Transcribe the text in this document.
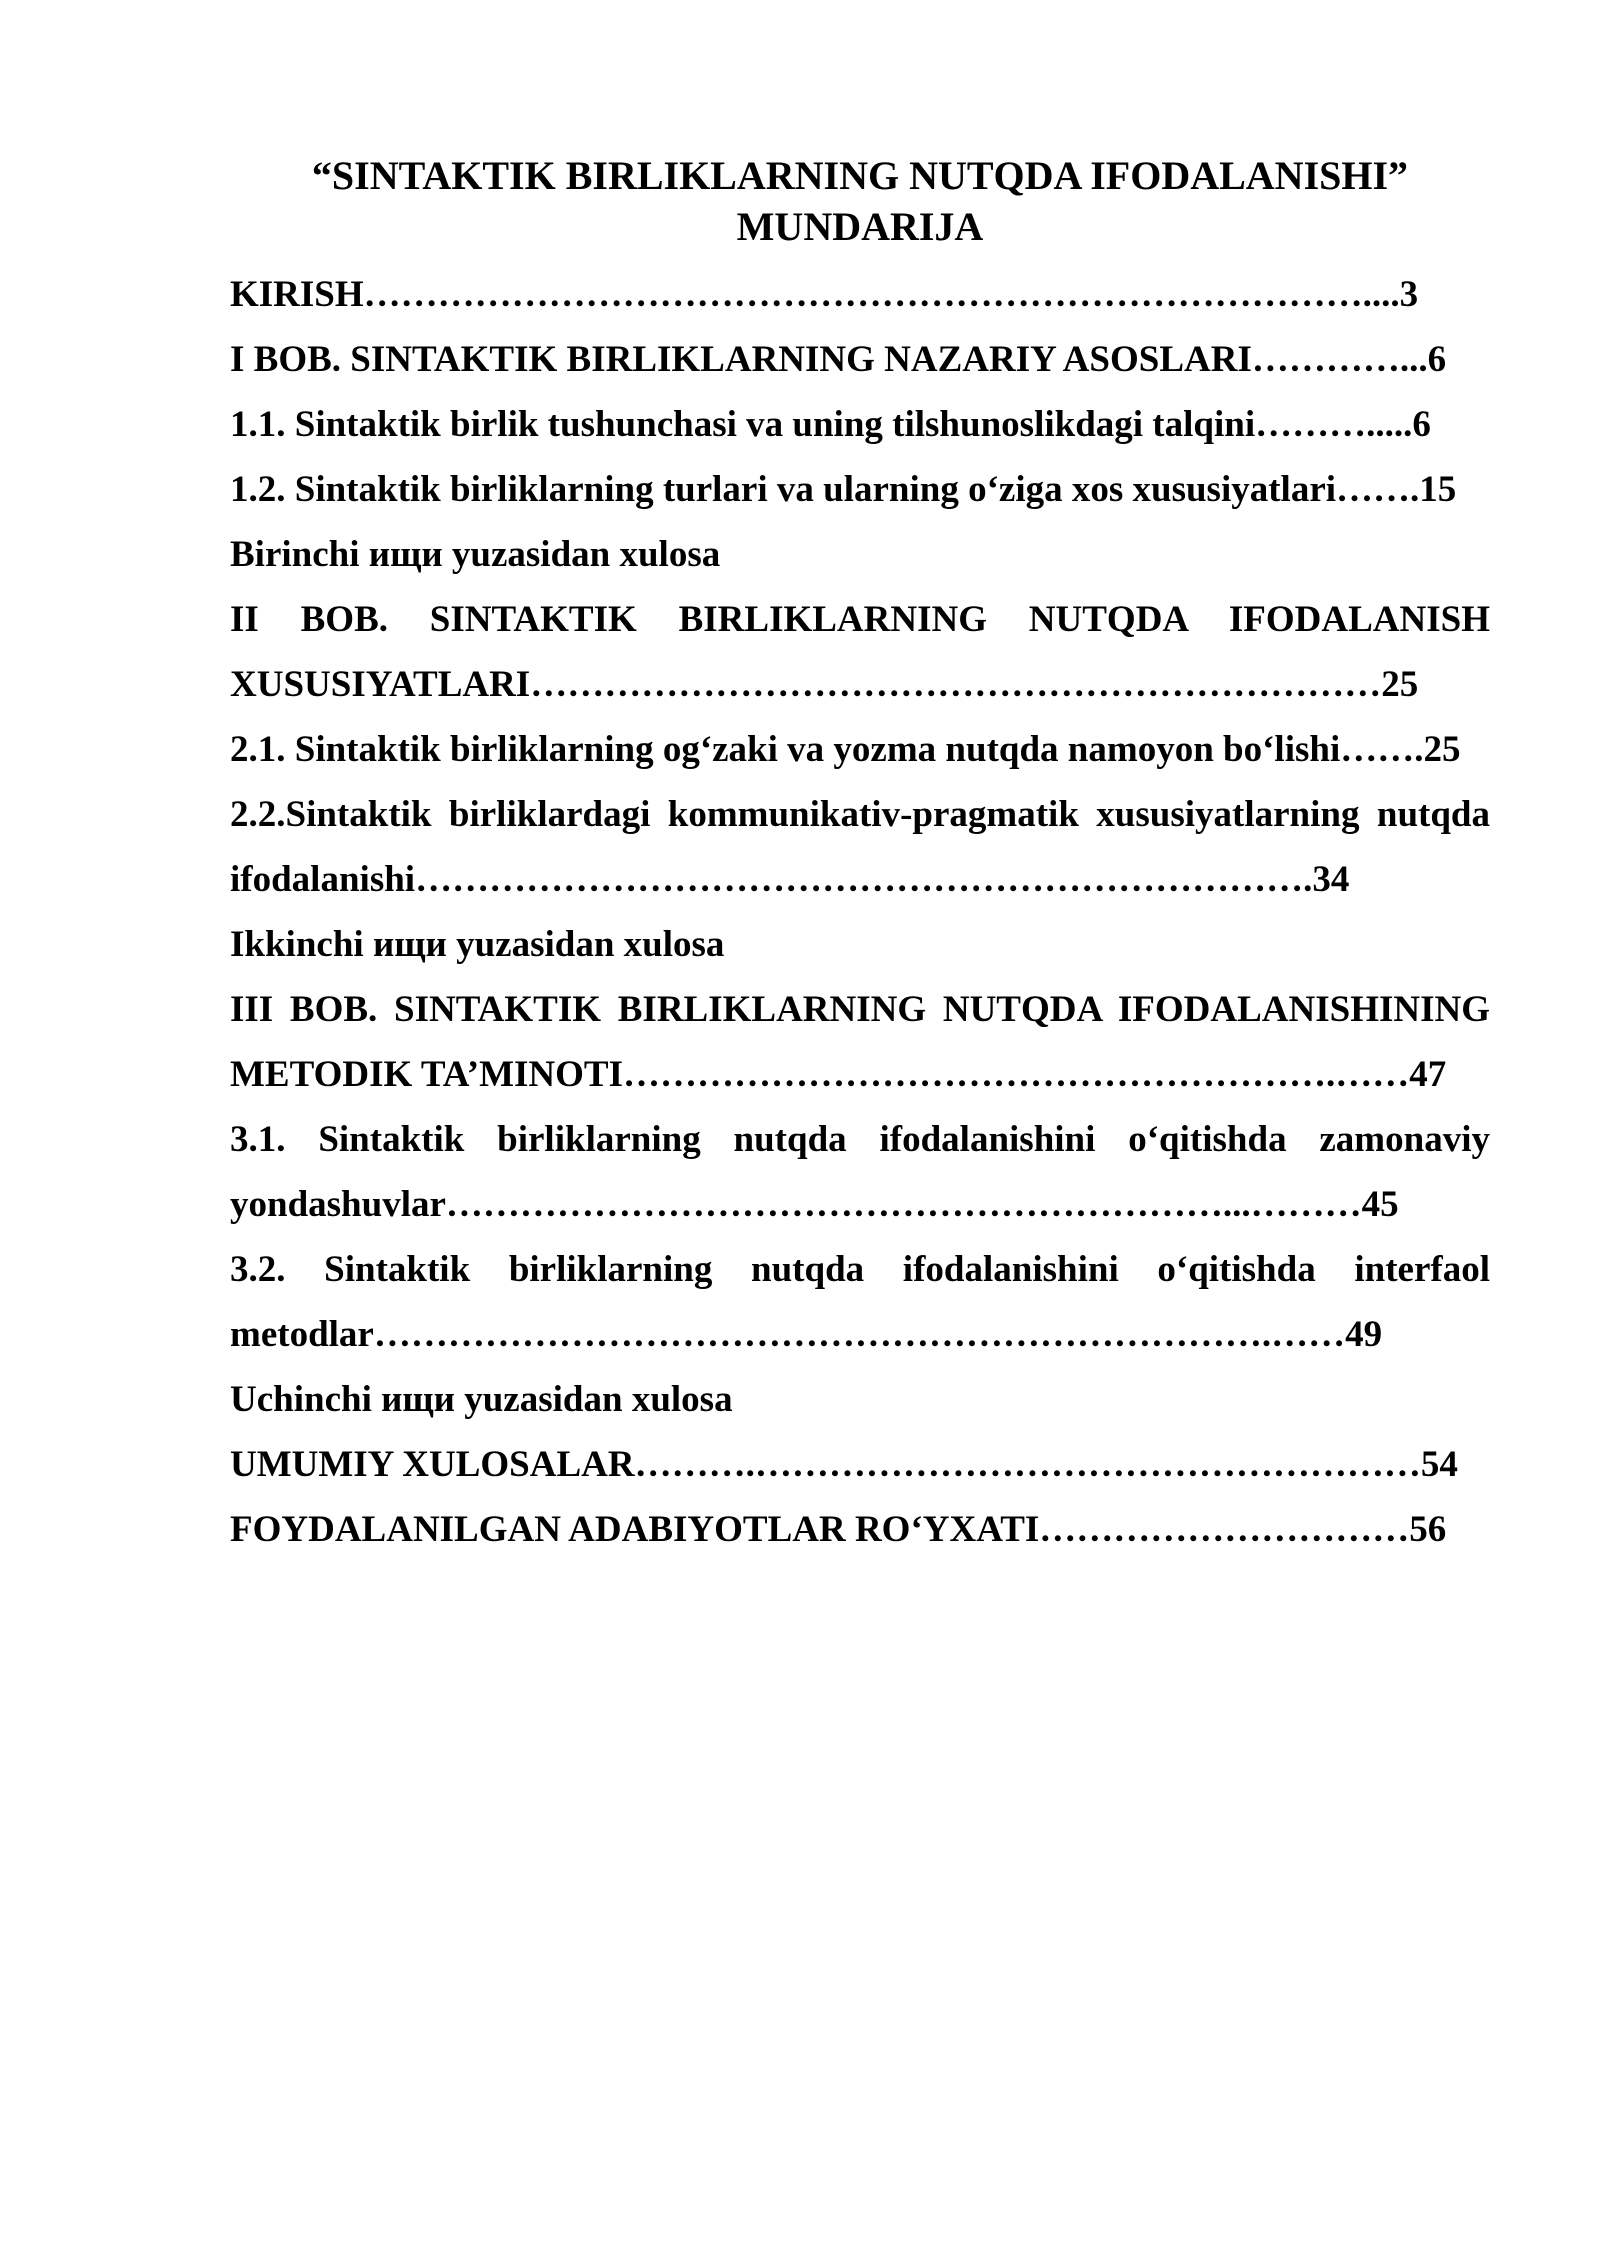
“SINTAKTIK BIRLIKLARNING NUTQDA IFODALANISHI”
MUNDARIJA
KIRISH………………………………………………………………………....3
I BOB. SINTAKTIK BIRLIKLARNING NAZARIY ASOSLARI…………...6
1.1. Sintaktik birlik tushunchasi va uning tilshunoslikdagi talqini……….....6
1.2. Sintaktik birliklarning turlari va ularning o‘ziga xos xususiyatlari…….15
Birinchi ищи yuzasidan xulosa
II BOB. SINTAKTIK BIRLIKLARNING NUTQDA IFODALANISH
XUSUSIYATLARI……………………………………………………………25
2.1. Sintaktik birliklarning og‘zaki va yozma nutqda namoyon bo‘lishi…….25
2.2.Sintaktik birliklardagi kommunikativ-pragmatik xususiyatlarning nutqda
ifodalanishi……………………………………………………………….34
Ikkinchi ищи yuzasidan xulosa
III BOB. SINTAKTIK BIRLIKLARNING NUTQDA IFODALANISHINING
METODIK TA’MINOTI………………………………………………….……47
3.1. Sintaktik birliklarning nutqda ifodalanishini o‘qitishda zamonaviy
yondashuvlar………………………………………………………...………45
3.2. Sintaktik birliklarning nutqda ifodalanishini o‘qitishda interfaol
metodlar……………………………………………………………….……49
Uchinchi ищи yuzasidan xulosa
UMUMIY XULOSALAR……….………………………………………………54
FOYDALANILGAN ADABIYOTLAR RO‘YXATI…………………………56
